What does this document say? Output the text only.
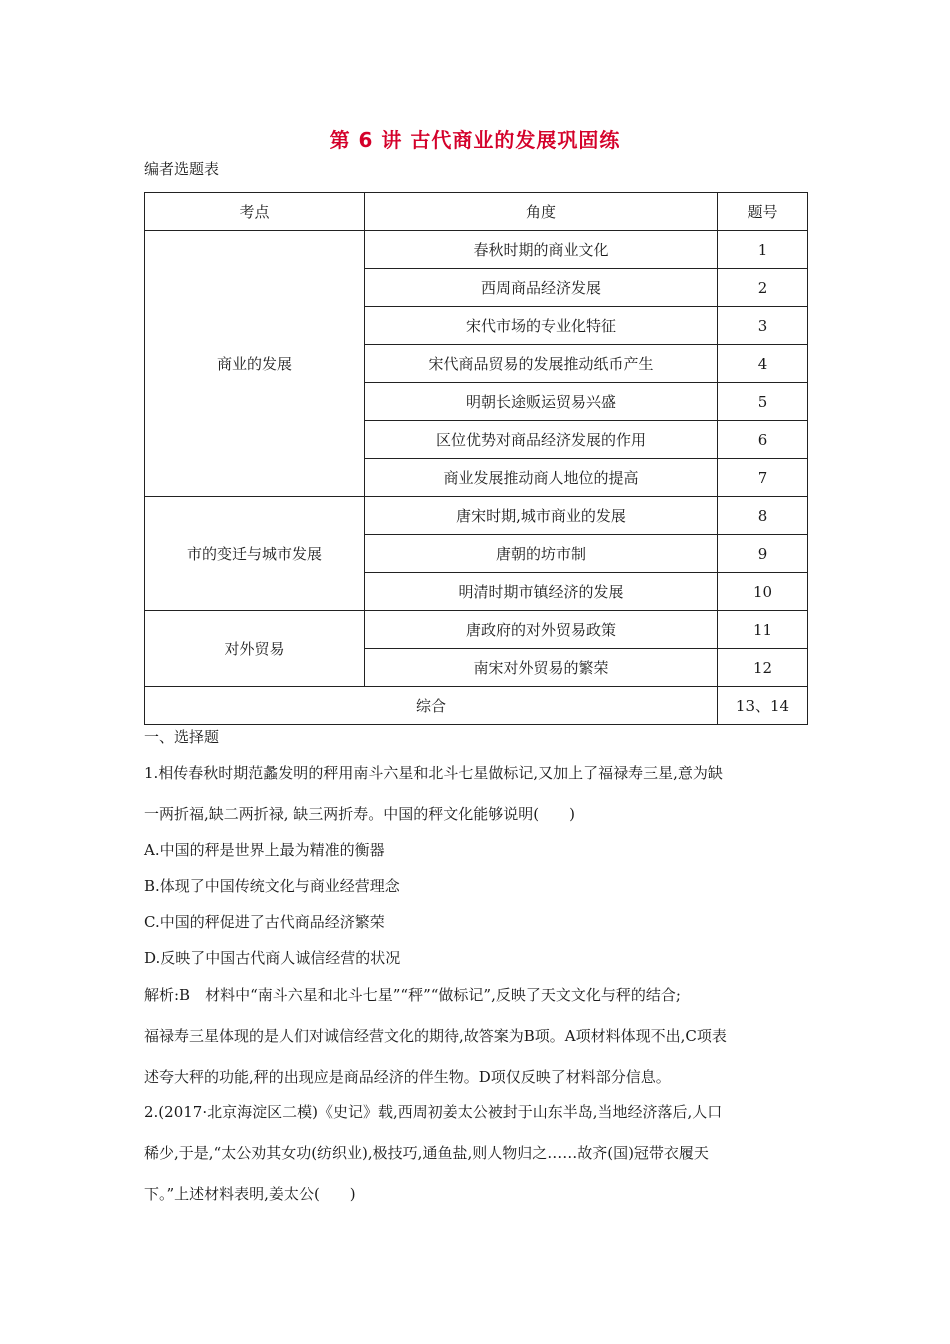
第 6 讲 古代商业的发展巩固练
编者选题表
考点	角度	题号
商业的发展	春秋时期的商业文化	1
	西周商品经济发展	2
	宋代市场的专业化特征	3
	宋代商品贸易的发展推动纸币产生	4
	明朝长途贩运贸易兴盛	5
	区位优势对商品经济发展的作用	6
	商业发展推动商人地位的提高	7
市的变迁与城市发展	唐宋时期,城市商业的发展	8
	唐朝的坊市制	9
	明清时期市镇经济的发展	10
对外贸易	唐政府的对外贸易政策	11
	南宋对外贸易的繁荣	12
综合		13、14
一、选择题
1.相传春秋时期范蠡发明的秤用南斗六星和北斗七星做标记,又加上了福禄寿三星,意为缺
一两折福,缺二两折禄, 缺三两折寿。中国的秤文化能够说明(　　)
A.中国的秤是世界上最为精准的衡器
B.体现了中国传统文化与商业经营理念
C.中国的秤促进了古代商品经济繁荣
D.反映了中国古代商人诚信经营的状况
解析:B　材料中“南斗六星和北斗七星”“秤”“做标记”,反映了天文文化与秤的结合;
福禄寿三星体现的是人们对诚信经营文化的期待,故答案为B项。A项材料体现不出,C项表
述夸大秤的功能,秤的出现应是商品经济的伴生物。D项仅反映了材料部分信息。
2.(2017·北京海淀区二模)《史记》载,西周初姜太公被封于山东半岛,当地经济落后,人口
稀少,于是,“太公劝其女功(纺织业),极技巧,通鱼盐,则人物归之……故齐(国)冠带衣履天
下。”上述材料表明,姜太公(　　)
